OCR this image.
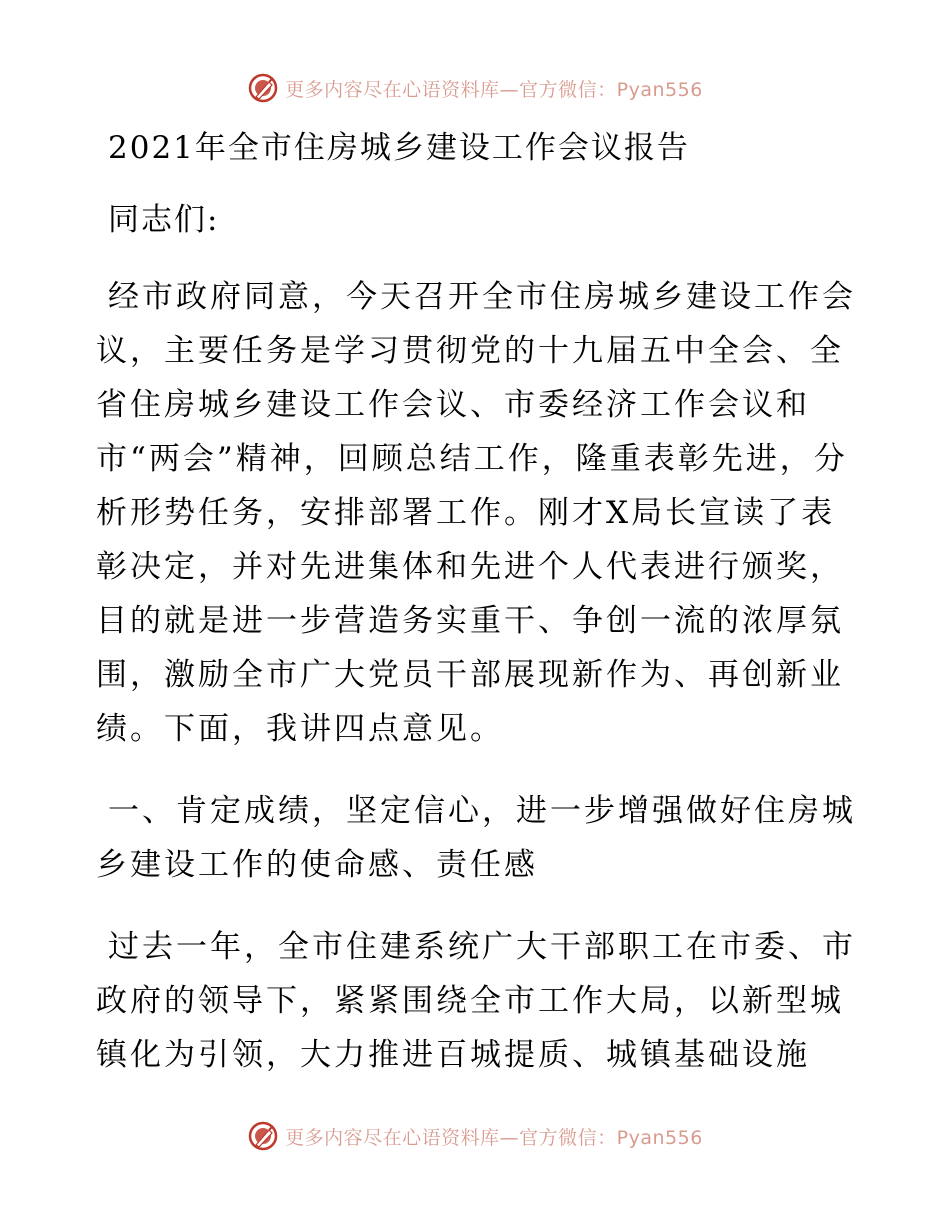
更多内容尽在心语资料库—官方微信：Pyan556
2021年全市住房城乡建设工作会议报告
同志们:
经市政府同意，今天召开全市住房城乡建设工作会议，主要任务是学习贯彻党的十九届五中全会、全省住房城乡建设工作会议、市委经济工作会议和市“两会”精神，回顾总结工作，隆重表彰先进，分析形势任务，安排部署工作。刚才X局长宣读了表彰决定，并对先进集体和先进个人代表进行颁奖，目的就是进一步营造务实重干、争创一流的浓厚氛围，激励全市广大党员干部展现新作为、再创新业绩。下面，我讲四点意见。
一、肯定成绩，坚定信心，进一步增强做好住房城乡建设工作的使命感、责任感
过去一年，全市住建系统广大干部职工在市委、市政府的领导下，紧紧围绕全市工作大局，以新型城镇化为引领，大力推进百城提质、城镇基础设施
更多内容尽在心语资料库—官方微信：Pyan556
